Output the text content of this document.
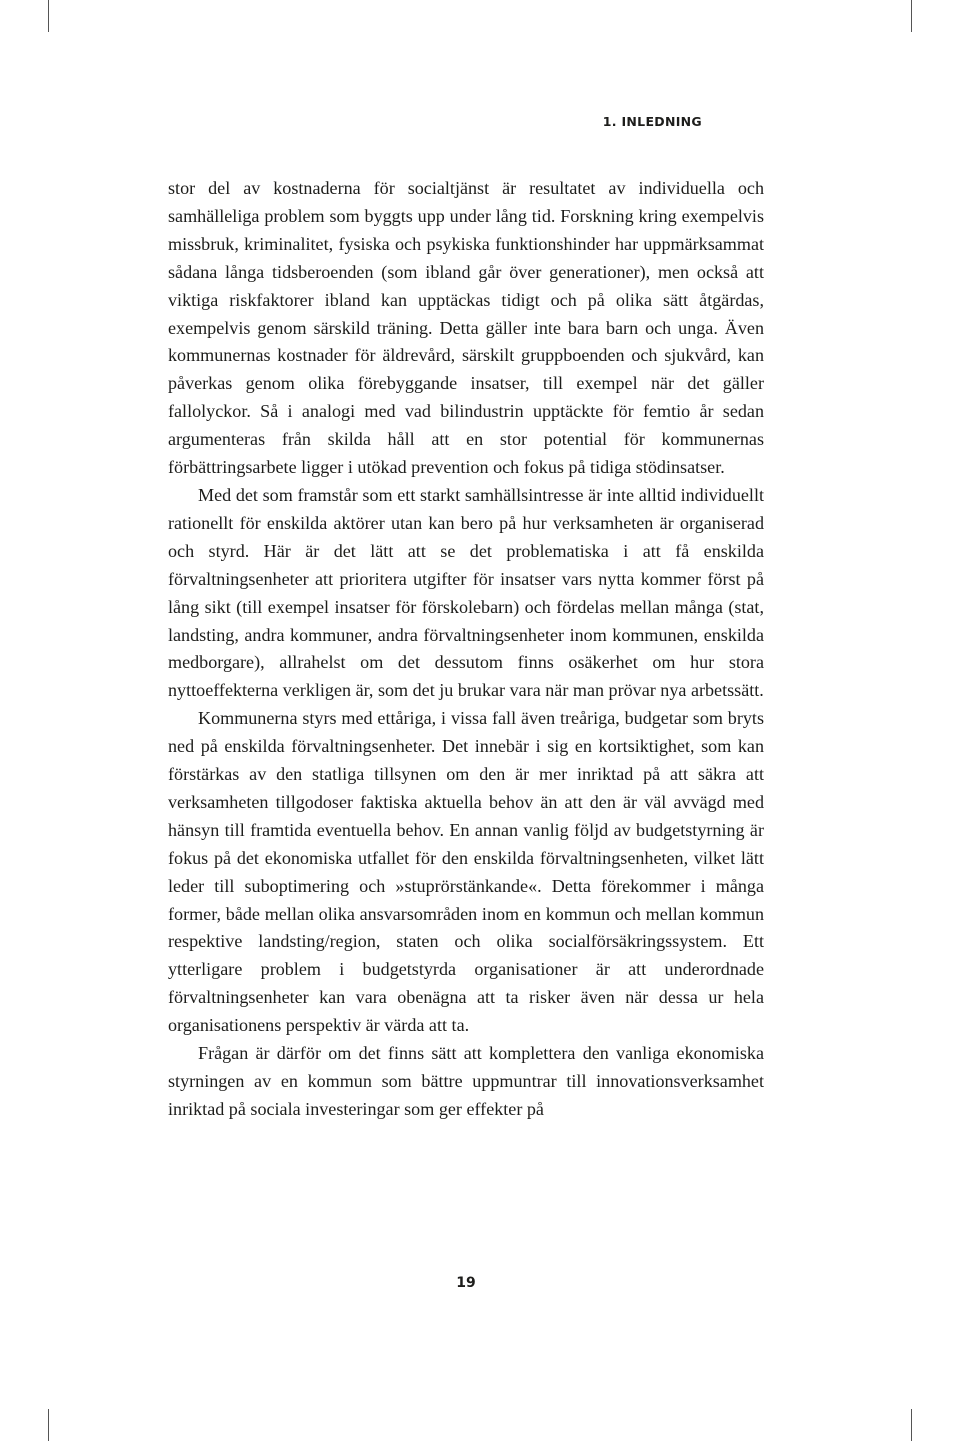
1. INLEDNING

stor del av kostnaderna för socialtjänst är resultatet av individuella och samhälleliga problem som byggts upp under lång tid. Forskning kring exempelvis missbruk, kriminalitet, fysiska och psykiska funktionshinder har uppmärksammat sådana långa tidsberoenden (som ibland går över generationer), men också att viktiga riskfaktorer ibland kan upptäckas tidigt och på olika sätt åtgärdas, exempelvis genom särskild träning. Detta gäller inte bara barn och unga. Även kommunernas kostnader för äldrevård, särskilt gruppboenden och sjukvård, kan påverkas genom olika förebyggande insatser, till exempel när det gäller fallolyckor. Så i analogi med vad bilindustrin upptäckte för femtio år sedan argumenteras från skilda håll att en stor potential för kommunernas förbättringsarbete ligger i utökad prevention och fokus på tidiga stödinsatser.

Med det som framstår som ett starkt samhällsintresse är inte alltid individuellt rationellt för enskilda aktörer utan kan bero på hur verksamheten är organiserad och styrd. Här är det lätt att se det problematiska i att få enskilda förvaltningsenheter att prioritera utgifter för insatser vars nytta kommer först på lång sikt (till exempel insatser för förskolebarn) och fördelas mellan många (stat, landsting, andra kommuner, andra förvaltningsenheter inom kommunen, enskilda medborgare), allrahelst om det dessutom finns osäkerhet om hur stora nyttoeffekterna verkligen är, som det ju brukar vara när man prövar nya arbetssätt.

Kommunerna styrs med ettåriga, i vissa fall även treåriga, budgetar som bryts ned på enskilda förvaltningsenheter. Det innebär i sig en kortsiktighet, som kan förstärkas av den statliga tillsynen om den är mer inriktad på att säkra att verksamheten tillgodoser faktiska aktuella behov än att den är väl avvägd med hänsyn till framtida eventuella behov. En annan vanlig följd av budgetstyrning är fokus på det ekonomiska utfallet för den enskilda förvaltningsenheten, vilket lätt leder till suboptimering och »stuprörstänkande«. Detta förekommer i många former, både mellan olika ansvarsområden inom en kommun och mellan kommun respektive landsting/region, staten och olika socialförsäkringssystem. Ett ytterligare problem i budgetstyrda organisationer är att underordnade förvaltningsenheter kan vara obenägna att ta risker även när dessa ur hela organisationens perspektiv är värda att ta.

Frågan är därför om det finns sätt att komplettera den vanliga ekonomiska styrningen av en kommun som bättre uppmuntrar till innovationsverksamhet inriktad på sociala investeringar som ger effekter på

19
